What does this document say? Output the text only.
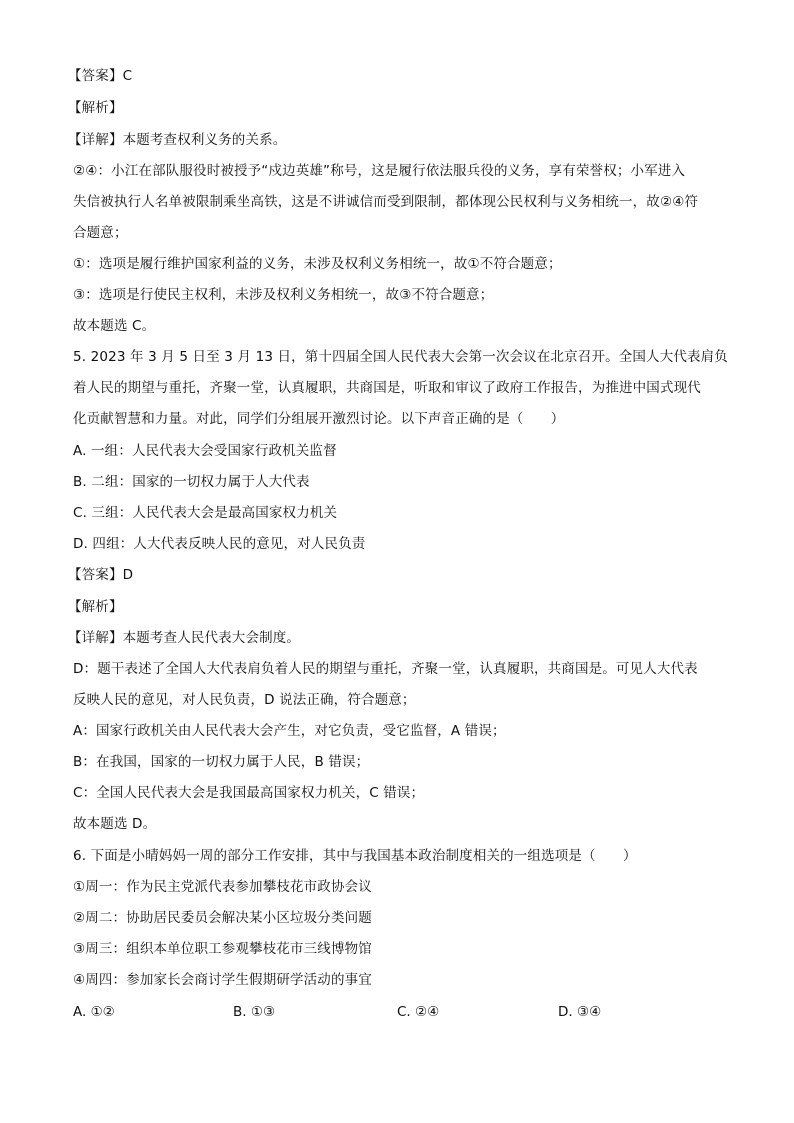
【答案】C
【解析】
【详解】本题考查权利义务的关系。
②④：小江在部队服役时被授予“戍边英雄”称号，这是履行依法服兵役的义务，享有荣誉权；小军进入
失信被执行人名单被限制乘坐高铁，这是不讲诚信而受到限制，都体现公民权利与义务相统一，故②④符
合题意；
①：选项是履行维护国家利益的义务，未涉及权利义务相统一，故①不符合题意；
③：选项是行使民主权利，未涉及权利义务相统一，故③不符合题意；
故本题选 C。
5. 2023 年 3 月 5 日至 3 月 13 日，第十四届全国人民代表大会第一次会议在北京召开。全国人大代表肩负
着人民的期望与重托，齐聚一堂，认真履职，共商国是，听取和审议了政府工作报告，为推进中国式现代
化贡献智慧和力量。对此，同学们分组展开激烈讨论。以下声音正确的是（　　）
A. 一组：人民代表大会受国家行政机关监督
B. 二组：国家的一切权力属于人大代表
C. 三组：人民代表大会是最高国家权力机关
D. 四组：人大代表反映人民的意见，对人民负责
【答案】D
【解析】
【详解】本题考查人民代表大会制度。
D：题干表述了全国人大代表肩负着人民的期望与重托，齐聚一堂，认真履职，共商国是。可见人大代表
反映人民的意见，对人民负责，D 说法正确，符合题意；
A：国家行政机关由人民代表大会产生，对它负责，受它监督，A 错误；
B：在我国，国家的一切权力属于人民，B 错误；
C：全国人民代表大会是我国最高国家权力机关，C 错误；
故本题选 D。
6. 下面是小晴妈妈一周的部分工作安排，其中与我国基本政治制度相关的一组选项是（　　）
①周一：作为民主党派代表参加攀枝花市政协会议
②周二：协助居民委员会解决某小区垃圾分类问题
③周三：组织本单位职工参观攀枝花市三线博物馆
④周四：参加家长会商讨学生假期研学活动的事宜
A. ①②	B. ①③	C. ②④	D. ③④
